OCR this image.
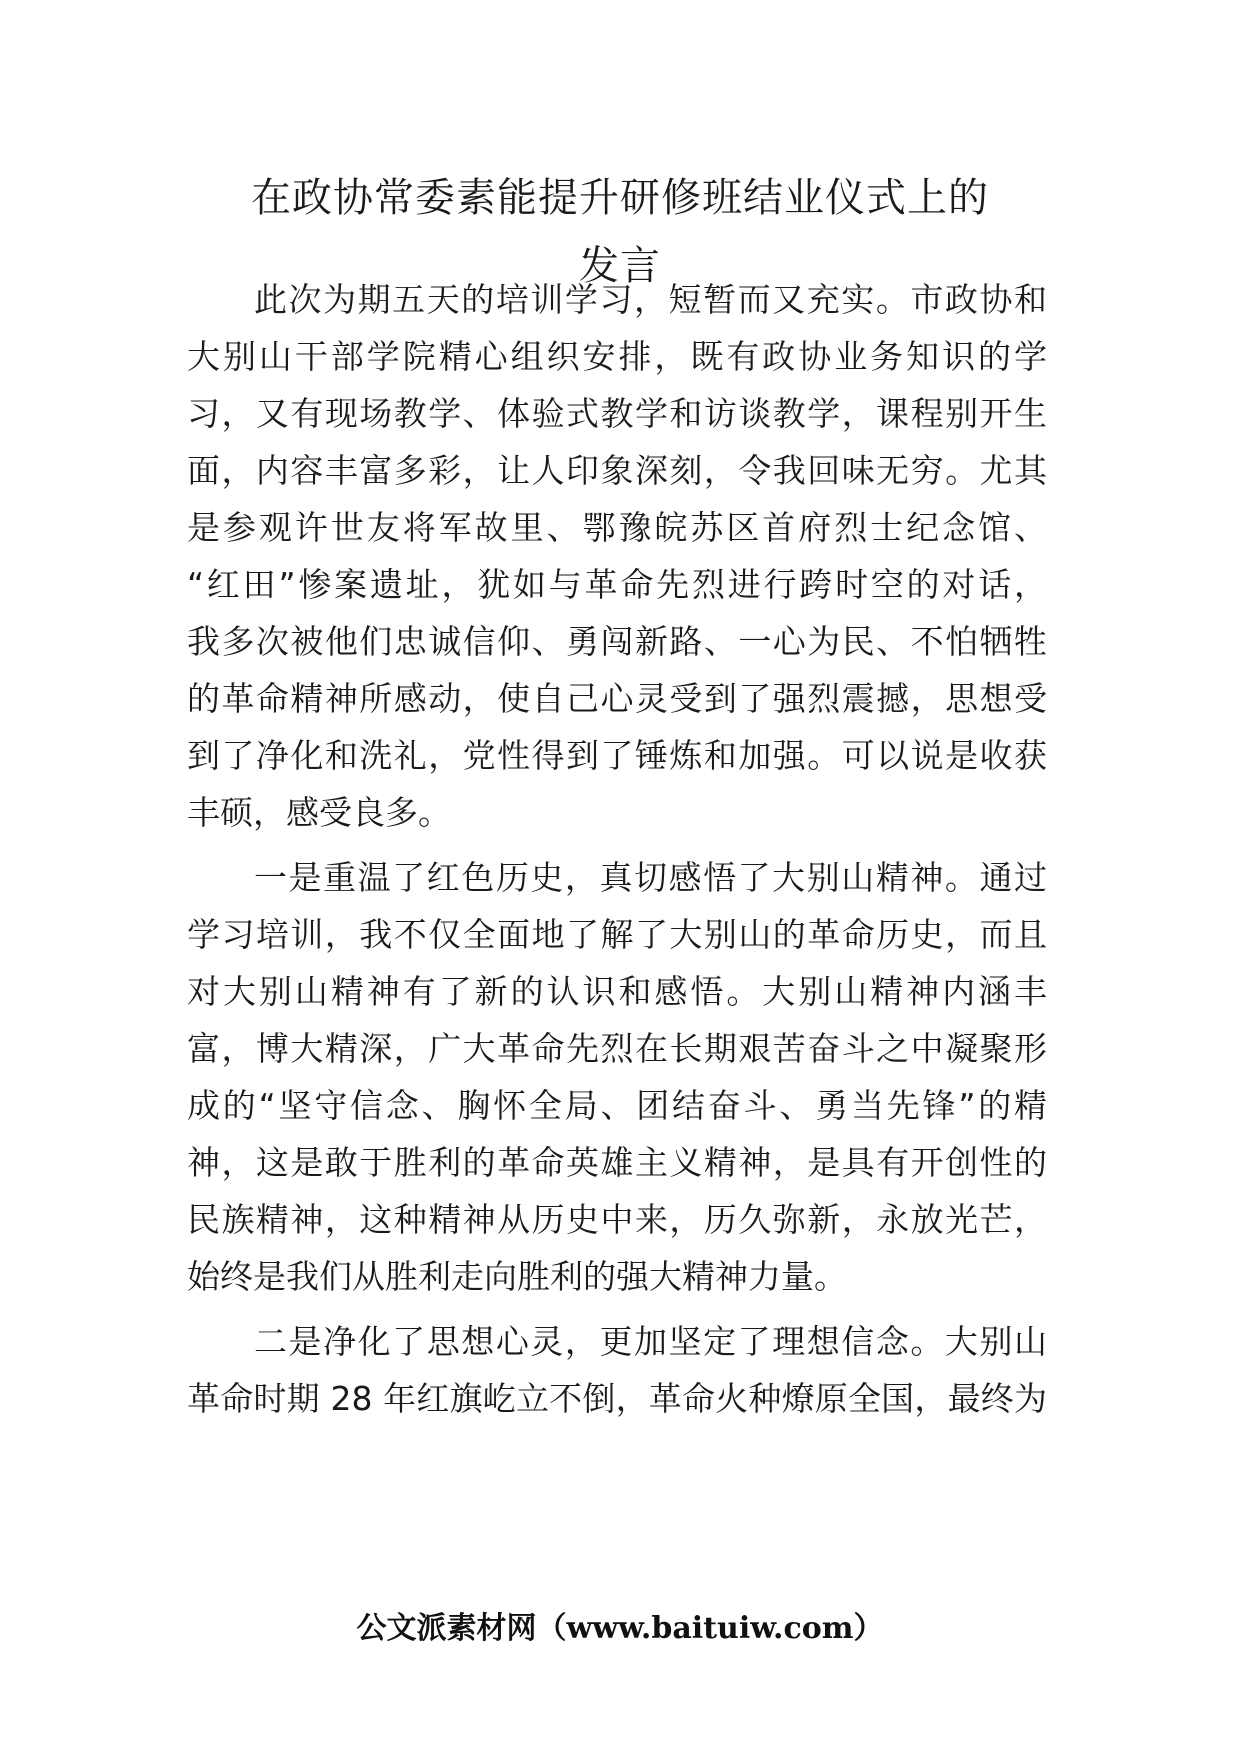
在政协常委素能提升研修班结业仪式上的
发言
此次为期五天的培训学习，短暂而又充实。市政协和
大别山干部学院精心组织安排，既有政协业务知识的学
习，又有现场教学、体验式教学和访谈教学，课程别开生
面，内容丰富多彩，让人印象深刻，令我回味无穷。尤其
是参观许世友将军故里、鄂豫皖苏区首府烈士纪念馆、
“红田”惨案遗址，犹如与革命先烈进行跨时空的对话，
我多次被他们忠诚信仰、勇闯新路、一心为民、不怕牺牲
的革命精神所感动，使自己心灵受到了强烈震撼，思想受
到了净化和洗礼，党性得到了锤炼和加强。可以说是收获
丰硕，感受良多。
一是重温了红色历史，真切感悟了大别山精神。通过
学习培训，我不仅全面地了解了大别山的革命历史，而且
对大别山精神有了新的认识和感悟。大别山精神内涵丰
富，博大精深，广大革命先烈在长期艰苦奋斗之中凝聚形
成的“坚守信念、胸怀全局、团结奋斗、勇当先锋”的精
神，这是敢于胜利的革命英雄主义精神，是具有开创性的
民族精神，这种精神从历史中来，历久弥新，永放光芒，
始终是我们从胜利走向胜利的强大精神力量。
二是净化了思想心灵，更加坚定了理想信念。大别山
革命时期 28 年红旗屹立不倒，革命火种燎原全国，最终为
公文派素材网（www.baituiw.com）
